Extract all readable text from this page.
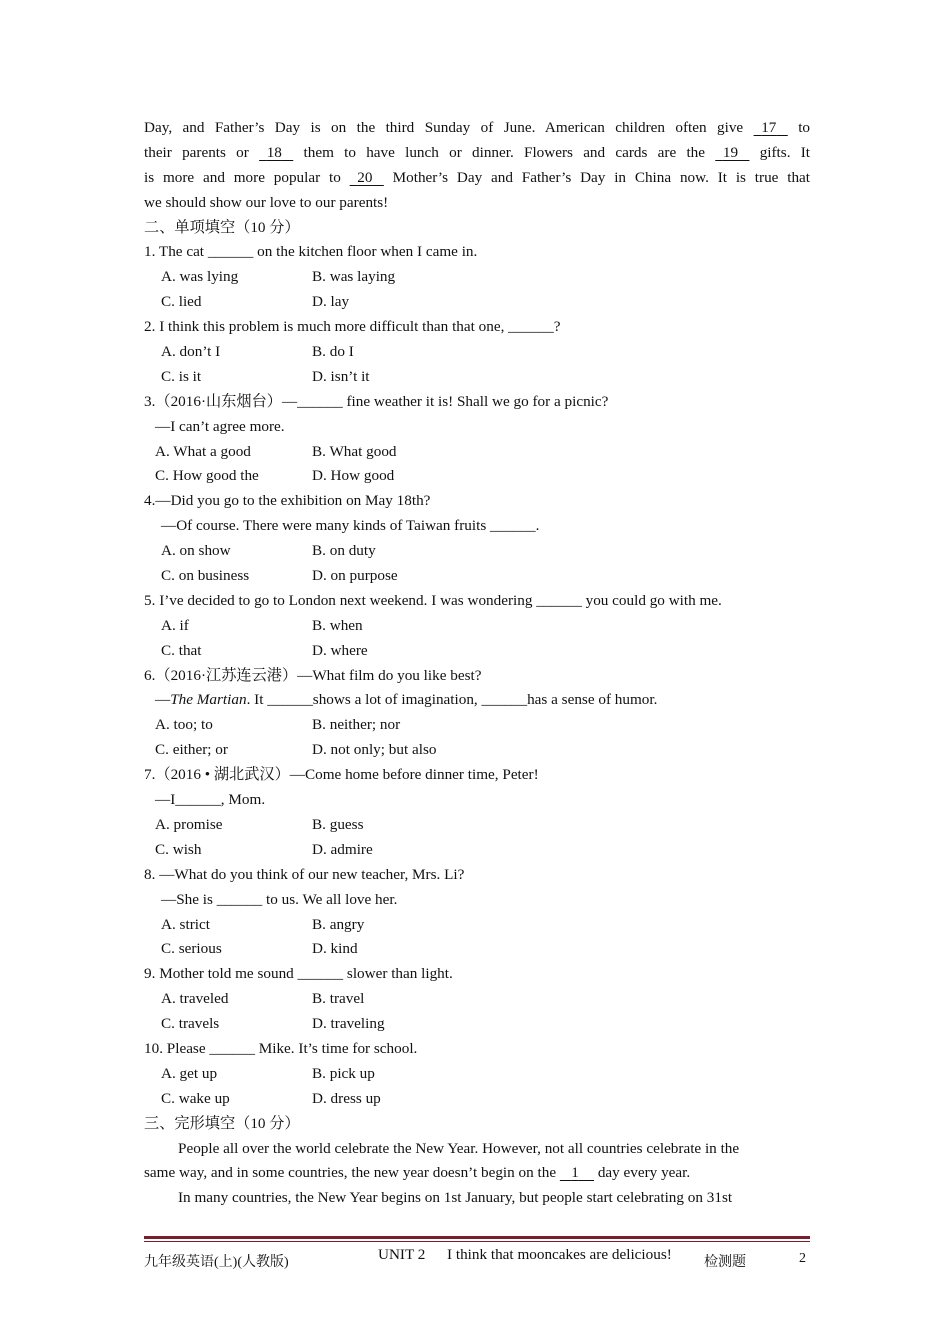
Day, and Father’s Day is on the third Sunday of June. American children often give 17 to
their parents or 18 them to have lunch or dinner. Flowers and cards are the 19 gifts. It
is more and more popular to 20 Mother’s Day and Father’s Day in China now. It is true that
we should show our love to our parents!
二、单项填空（10 分）
1. The cat ______ on the kitchen floor when I came in.
A. was lying	B. was laying
C. lied	D. lay
2. I think this problem is much more difficult than that one, ______?
A. don’t I	B. do I
C. is it	D. isn’t it
3.（2016·山东烟台）—______ fine weather it is! Shall we go for a picnic?
—I can’t agree more.
A. What a good	B. What good
C. How good the	D. How good
4.—Did you go to the exhibition on May 18th?
—Of course. There were many kinds of Taiwan fruits ______.
A. on show	B. on duty
C. on business	D. on purpose
5. I’ve decided to go to London next weekend. I was wondering ______ you could go with me.
A. if	B. when
C. that	D. where
6.（2016·江苏连云港）—What film do you like best?
—The Martian. It ______shows a lot of imagination, ______has a sense of humor.
A. too; to	B. neither; nor
C. either; or	D. not only; but also
7.（2016 • 湖北武汉）—Come home before dinner time, Peter!
—I______, Mom.
A. promise	B. guess
C. wish	D. admire
8. —What do you think of our new teacher, Mrs. Li?
—She is ______ to us. We all love her.
A. strict	B. angry
C. serious	D. kind
9. Mother told me sound ______ slower than light.
A. traveled	B. travel
C. travels	D. traveling
10. Please ______ Mike. It’s time for school.
A. get up	B. pick up
C. wake up	D. dress up
三、完形填空（10 分）
People all over the world celebrate the New Year. However, not all countries celebrate in the
same way, and in some countries, the new year doesn’t begin on the 1 day every year.
In many countries, the New Year begins on 1st January, but people start celebrating on 31st
九年级英语(上)(人教版)	UNIT 2 I think that mooncakes are delicious! 检测题	2
